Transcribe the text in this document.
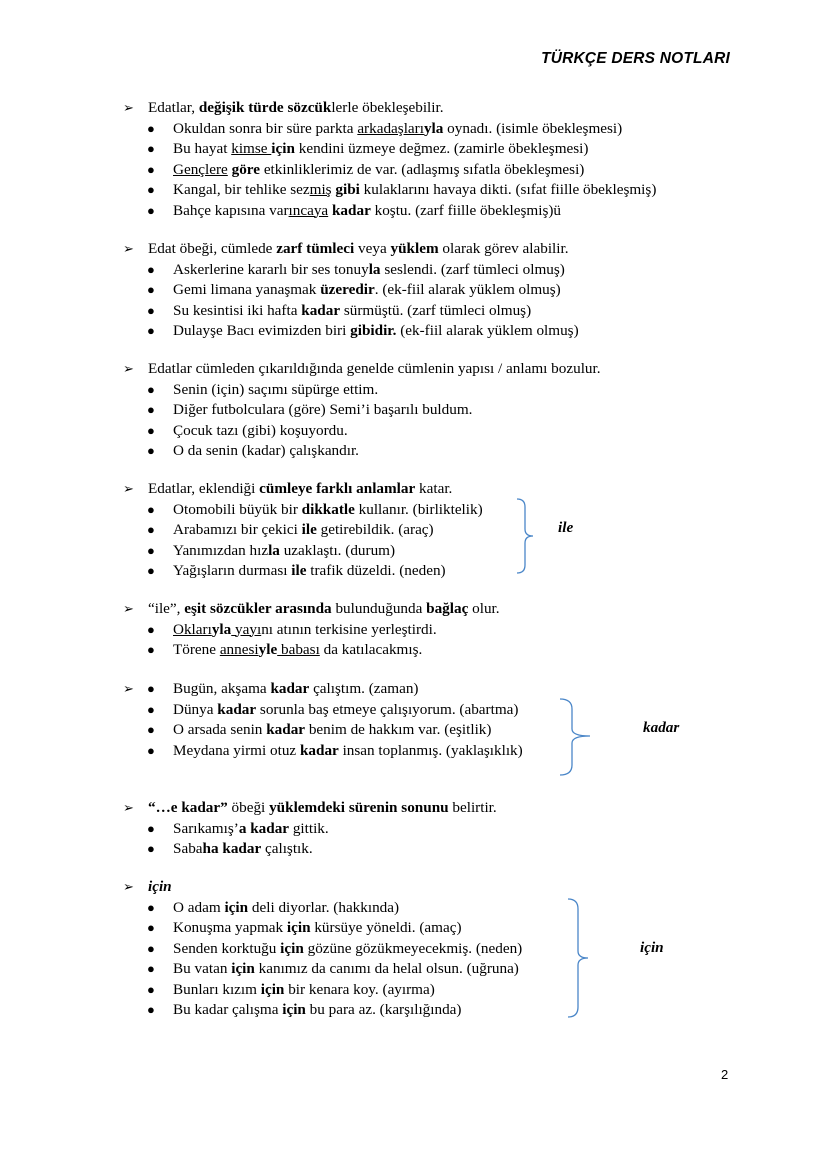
TÜRKÇE DERS NOTLARI
➢ Edatlar, değişik türde sözcüklerle öbekleşebilir.
● Okuldan sonra bir süre parkta arkadaşlarıyla oynadı. (isimle öbekleşmesi)
● Bu hayat kimse için kendini üzmeye değmez. (zamirle öbekleşmesi)
● Gençlere göre etkinliklerimiz de var. (adlaşmış sıfatla öbekleşmesi)
● Kangal, bir tehlike sezmiş gibi kulaklarını havaya dikti. (sıfat fiille öbekleşmiş)
● Bahçe kapısına varıncaya kadar koştu. (zarf fiille öbekleşmiş)ü
➢ Edat öbeği, cümlede zarf tümleci veya yüklem olarak görev alabilir.
● Askerlerine kararlı bir ses tonuyla seslendi. (zarf tümleci olmuş)
● Gemi limana yanaşmak üzeredir. (ek-fiil alarak yüklem olmuş)
● Su kesintisi iki hafta kadar sürmüştü. (zarf tümleci olmuş)
● Dulayşe Bacı evimizden biri gibidir. (ek-fiil alarak yüklem olmuş)
➢ Edatlar cümleden çıkarıldığında genelde cümlenin yapısı / anlamı bozulur.
● Senin (için) saçımı süpürge ettim.
● Diğer futbolculara (göre) Semi’i başarılı buldum.
● Çocuk tazı (gibi) koşuyordu.
● O da senin (kadar) çalışkandır.
➢ Edatlar, eklendiği cümleye farklı anlamlar katar.
● Otomobili büyük bir dikkatle kullanır. (birliktelik)
● Arabamızı bir çekici ile getirebildik. (araç)
● Yanımızdan hızla uzaklaştı. (durum)
● Yağışların durması ile trafik düzeldi. (neden)
ile
➢ “ile”, eşit sözcükler arasında bulunduğunda bağlaç olur.
● Oklarıyla yayını atının terkisine yerleştirdi.
● Törene annesiyle babası da katılacakmış.
➢ ● Bugün, akşama kadar çalıştım. (zaman)
● Dünya kadar sorunla baş etmeye çalışıyorum. (abartma)
● O arsada senin kadar benim de hakkım var. (eşitlik)
● Meydana yirmi otuz kadar insan toplanmış. (yaklaşıklık)
kadar
➢ “…e kadar” öbeği yüklemdeki sürenin sonunu belirtir.
● Sarıkamış’a kadar gittik.
● Sabaha kadar çalıştık.
➢ için
● O adam için deli diyorlar. (hakkında)
● Konuşma yapmak için kürsüye yöneldi. (amaç)
● Senden korktuğu için gözüne gözükmeyecekmiş. (neden)
● Bu vatan için kanımız da canımı da helal olsun. (uğruna)
● Bunları kızım için bir kenara koy. (ayırma)
● Bu kadar çalışma için bu para az. (karşılığında)
için
2
